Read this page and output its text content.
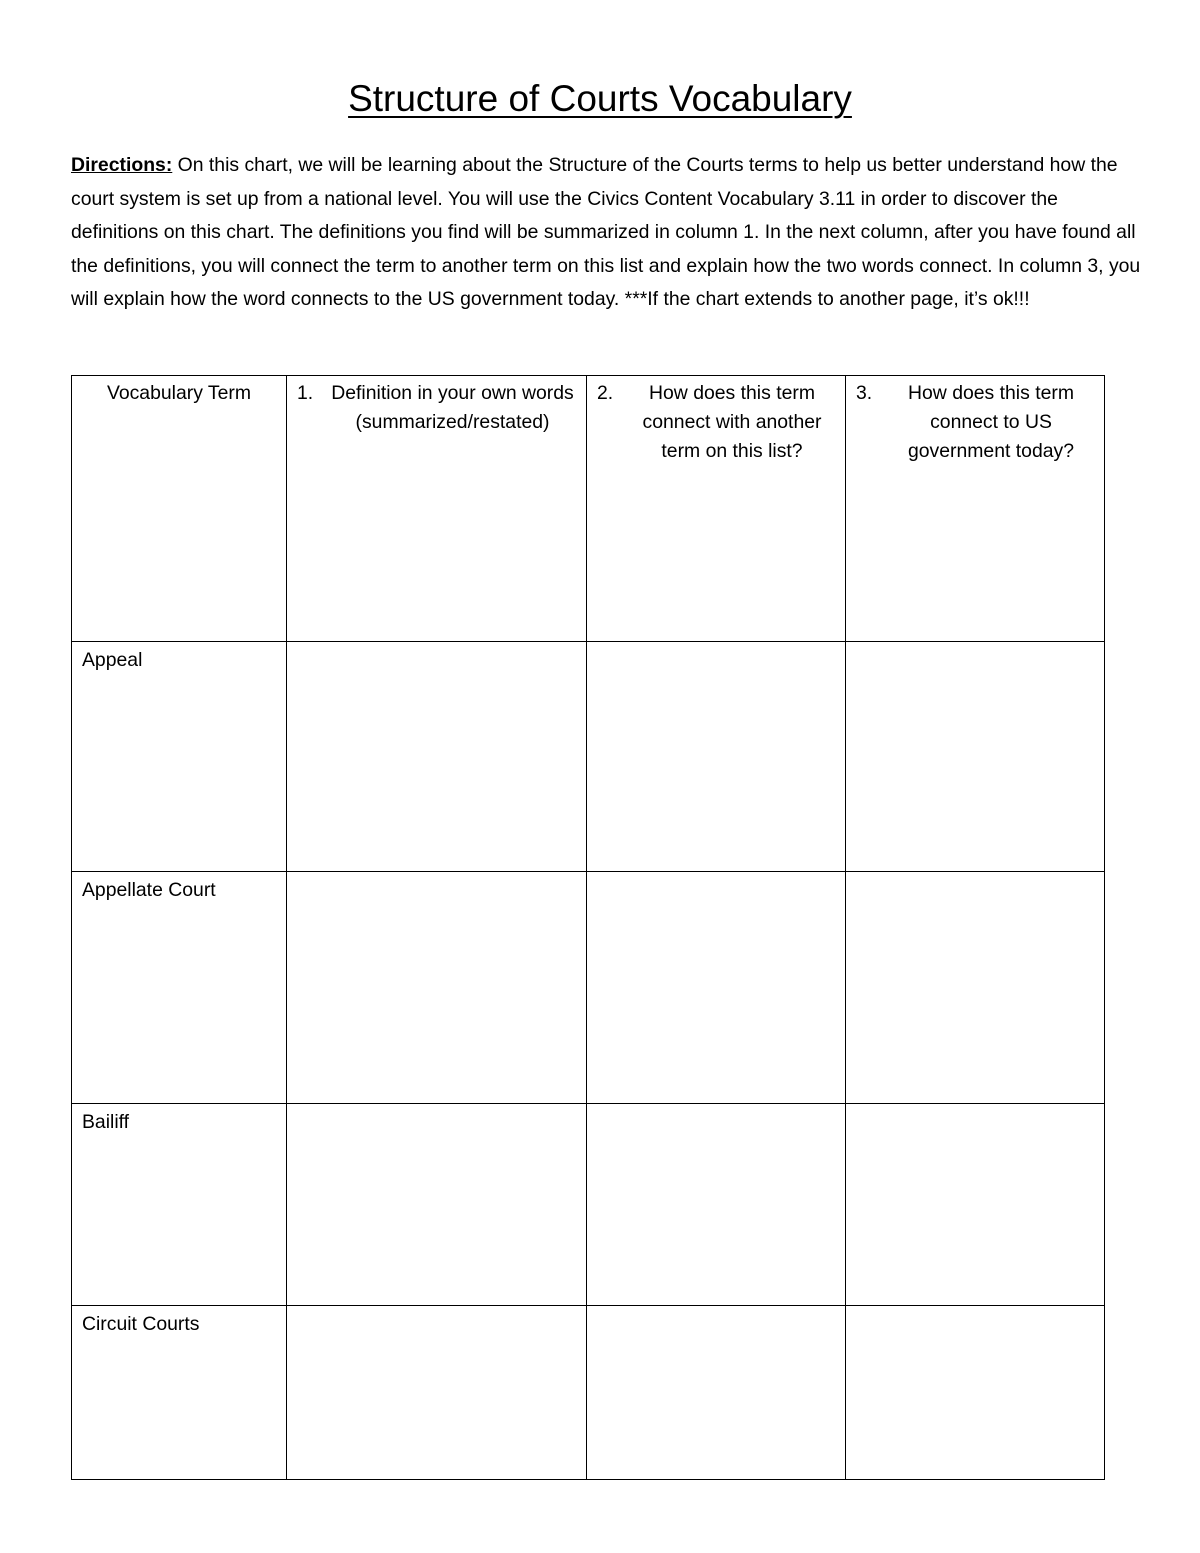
Structure of Courts Vocabulary
Directions: On this chart, we will be learning about the Structure of the Courts terms to help us better understand how the court system is set up from a national level. You will use the Civics Content Vocabulary 3.11 in order to discover the definitions on this chart. The definitions you find will be summarized in column 1. In the next column, after you have found all the definitions, you will connect the term to another term on this list and explain how the two words connect. In column 3, you will explain how the word connects to the US government today. ***If the chart extends to another page, it’s ok!!!
Vocabulary Term	1. Definition in your own words (summarized/restated)	2. How does this term connect with another term on this list?	3. How does this term connect to US government today?

Appeal			
Appellate Court			
Bailiff			
Circuit Courts			
